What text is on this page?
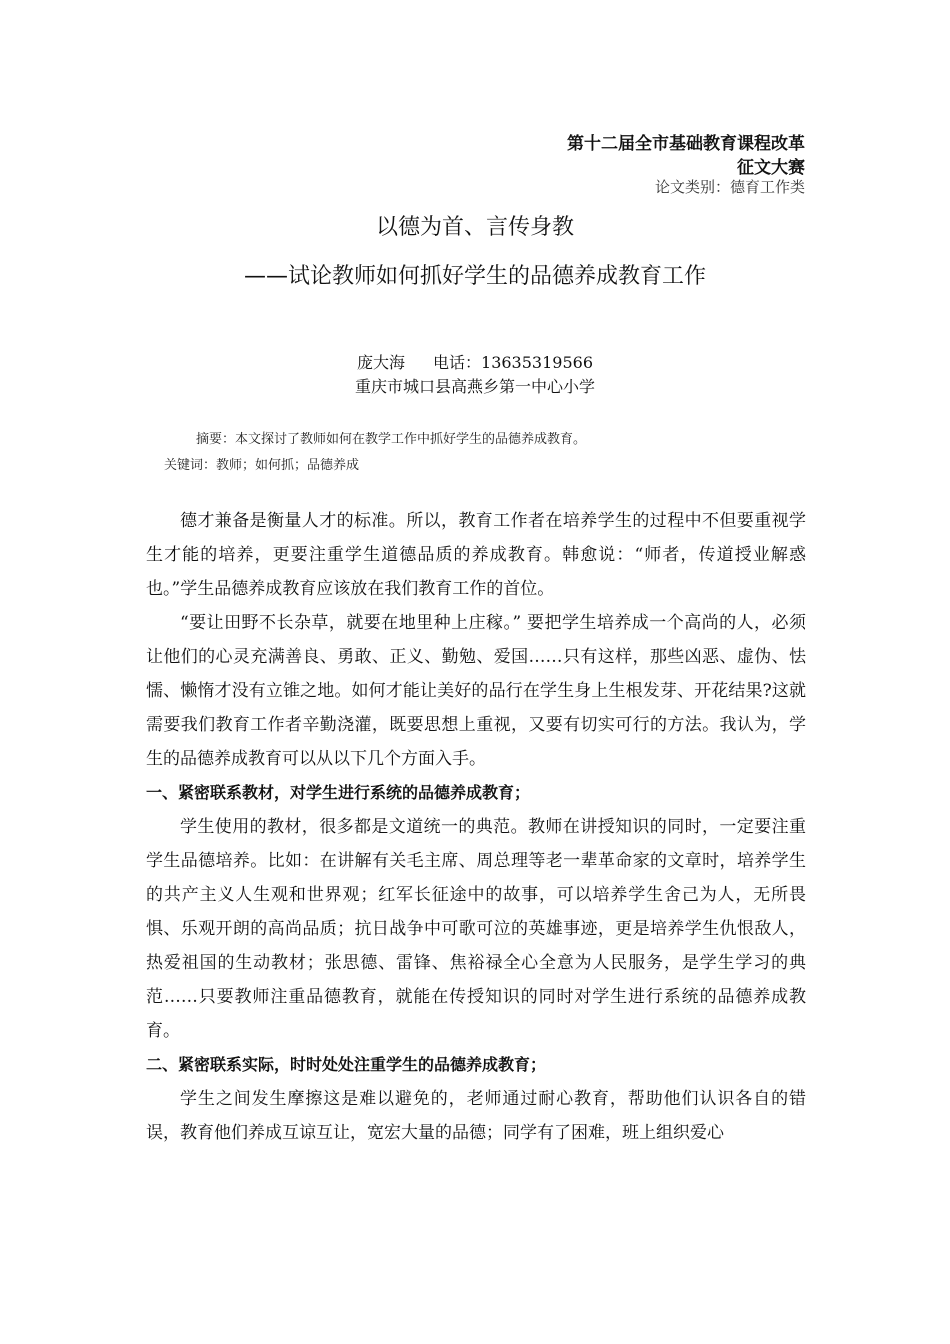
第十二届全市基础教育课程改革
征文大赛
论文类别：德育工作类
以德为首、言传身教
——试论教师如何抓好学生的品德养成教育工作
庞大海 电话：13635319566
重庆市城口县高燕乡第一中心小学
摘要：本文探讨了教师如何在教学工作中抓好学生的品德养成教育。
关键词：教师；如何抓；品德养成

德才兼备是衡量人才的标准。所以，教育工作者在培养学生的过程中不但要重视学生才能的培养，更要注重学生道德品质的养成教育。韩愈说：“师者，传道授业解惑也。”学生品德养成教育应该放在我们教育工作的首位。

“要让田野不长杂草，就要在地里种上庄稼。” 要把学生培养成一个高尚的人，必须让他们的心灵充满善良、勇敢、正义、勤勉、爱国……只有这样，那些凶恶、虚伪、怯懦、懒惰才没有立锥之地。如何才能让美好的品行在学生身上生根发芽、开花结果?这就需要我们教育工作者辛勤浇灌，既要思想上重视，又要有切实可行的方法。我认为，学生的品德养成教育可以从以下几个方面入手。

一、紧密联系教材，对学生进行系统的品德养成教育；

学生使用的教材，很多都是文道统一的典范。教师在讲授知识的同时，一定要注重学生品德培养。比如：在讲解有关毛主席、周总理等老一辈革命家的文章时，培养学生的共产主义人生观和世界观；红军长征途中的故事，可以培养学生舍己为人，无所畏惧、乐观开朗的高尚品质；抗日战争中可歌可泣的英雄事迹，更是培养学生仇恨敌人，热爱祖国的生动教材；张思德、雷锋、焦裕禄全心全意为人民服务，是学生学习的典范……只要教师注重品德教育，就能在传授知识的同时对学生进行系统的品德养成教育。

二、紧密联系实际，时时处处注重学生的品德养成教育；

学生之间发生摩擦这是难以避免的，老师通过耐心教育，帮助他们认识各自的错误，教育他们养成互谅互让，宽宏大量的品德；同学有了困难，班上组织爱心
